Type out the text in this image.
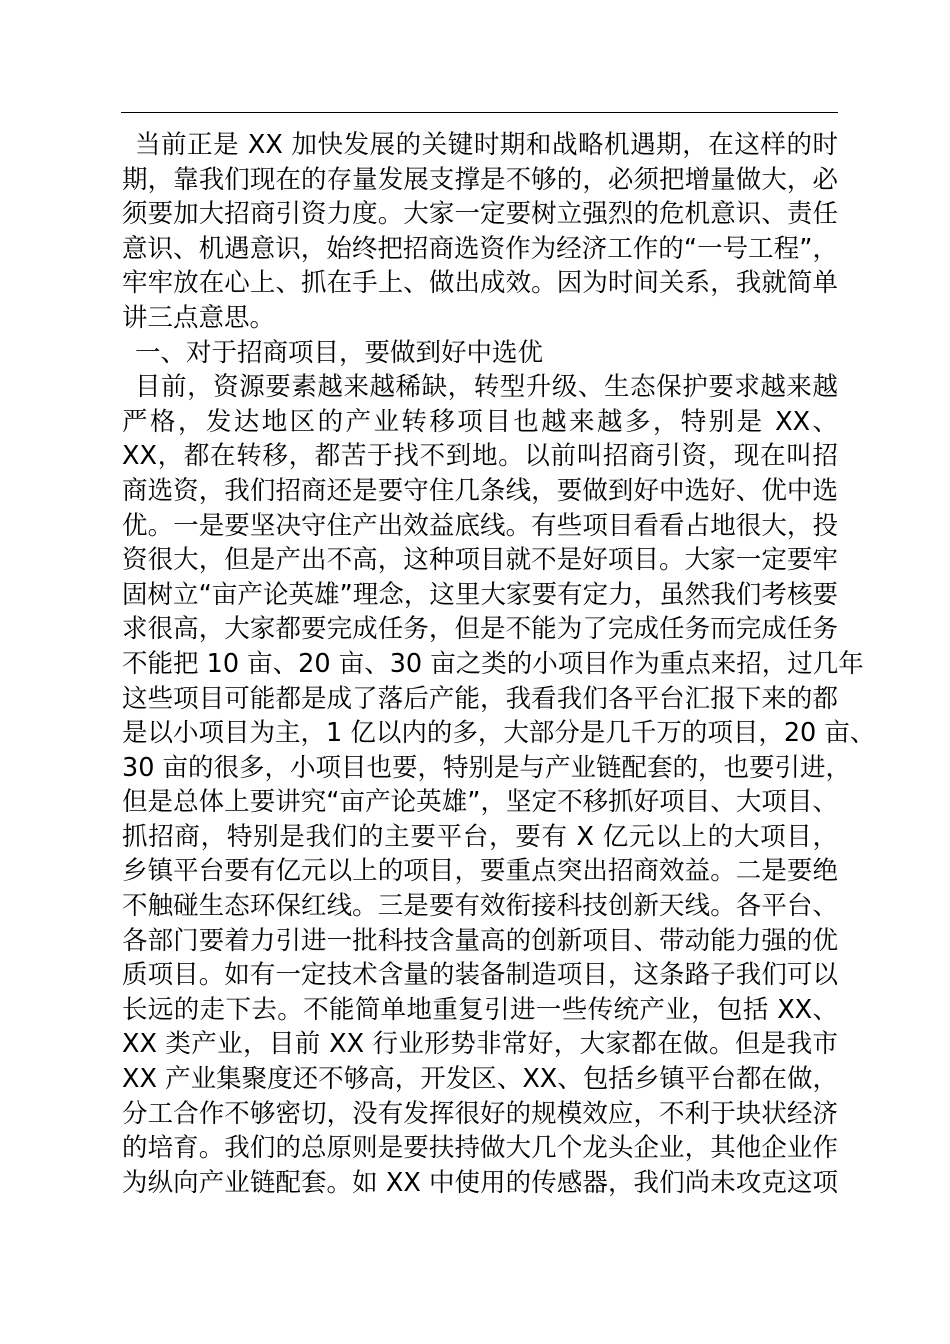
当前正是 XX 加快发展的关键时期和战略机遇期，在这样的时
期，靠我们现在的存量发展支撑是不够的，必须把增量做大，必
须要加大招商引资力度。大家一定要树立强烈的危机意识、责任
意识、机遇意识，始终把招商选资作为经济工作的“一号工程”，
牢牢放在心上、抓在手上、做出成效。因为时间关系，我就简单
讲三点意思。
一、对于招商项目，要做到好中选优
目前，资源要素越来越稀缺，转型升级、生态保护要求越来越
严格，发达地区的产业转移项目也越来越多，特别是 XX、
XX，都在转移，都苦于找不到地。以前叫招商引资，现在叫招
商选资，我们招商还是要守住几条线，要做到好中选好、优中选
优。一是要坚决守住产出效益底线。有些项目看看占地很大，投
资很大，但是产出不高，这种项目就不是好项目。大家一定要牢
固树立“亩产论英雄”理念，这里大家要有定力，虽然我们考核要
求很高，大家都要完成任务，但是不能为了完成任务而完成任务
不能把 10 亩、20 亩、30 亩之类的小项目作为重点来招，过几年
这些项目可能都是成了落后产能，我看我们各平台汇报下来的都
是以小项目为主，1 亿以内的多，大部分是几千万的项目，20 亩、
30 亩的很多，小项目也要，特别是与产业链配套的，也要引进，
但是总体上要讲究“亩产论英雄”，坚定不移抓好项目、大项目、
抓招商，特别是我们的主要平台，要有 X 亿元以上的大项目，
乡镇平台要有亿元以上的项目，要重点突出招商效益。二是要绝
不触碰生态环保红线。三是要有效衔接科技创新天线。各平台、
各部门要着力引进一批科技含量高的创新项目、带动能力强的优
质项目。如有一定技术含量的装备制造项目，这条路子我们可以
长远的走下去。不能简单地重复引进一些传统产业，包括 XX、
XX 类产业，目前 XX 行业形势非常好，大家都在做。但是我市
XX 产业集聚度还不够高，开发区、XX、包括乡镇平台都在做，
分工合作不够密切，没有发挥很好的规模效应，不利于块状经济
的培育。我们的总原则是要扶持做大几个龙头企业，其他企业作
为纵向产业链配套。如 XX 中使用的传感器，我们尚未攻克这项
